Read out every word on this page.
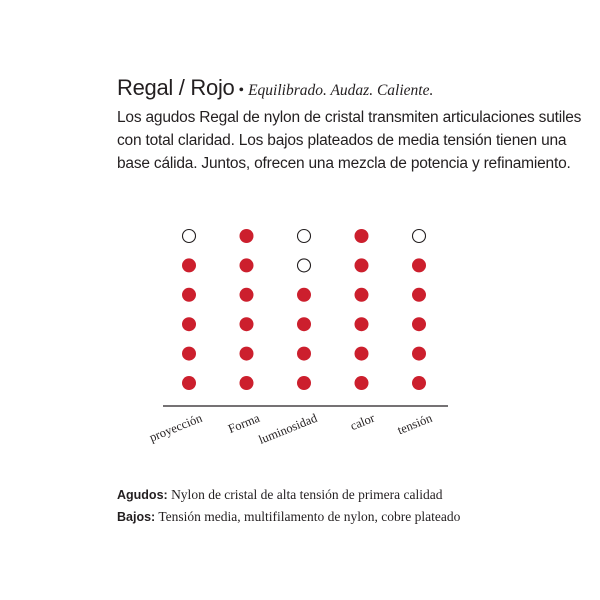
Regal / Rojo • Equilibrado. Audaz. Caliente.
Los agudos Regal de nylon de cristal transmiten articulaciones sutiles con total claridad. Los bajos plateados de media tensión tienen una base cálida. Juntos, ofrecen una mezcla de potencia y refinamiento.
proyección Forma
luminosidad calor tensión
Agudos: Nylon de cristal de alta tensión de primera calidad
Bajos: Tensión media, multifilamento de nylon, cobre plateado
